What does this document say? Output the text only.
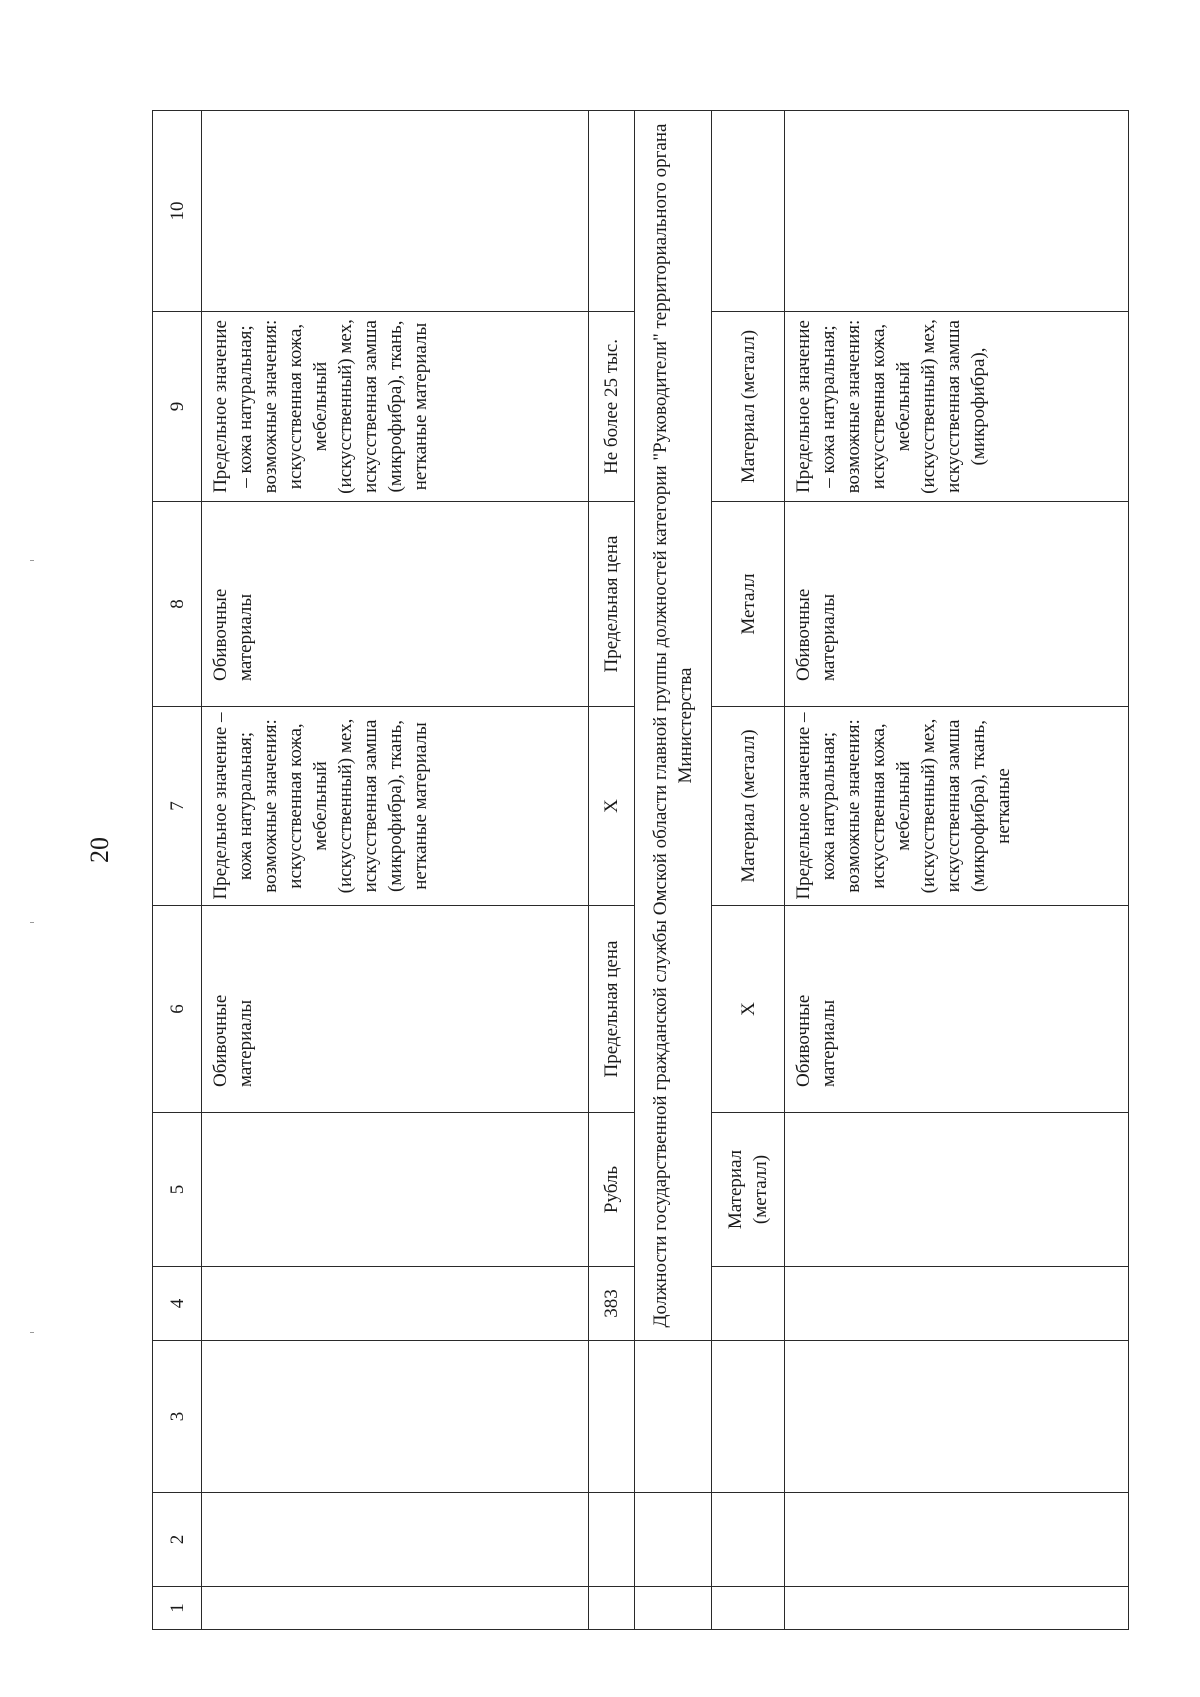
20
1	2	3	4	5	6	7	8	9	10
					Обивочные материалы	Предельное значение – кожа натуральная; возможные значения: искусственная кожа, мебельный (искусственный) мех, искусственная замша (микрофибра), ткань, нетканые материалы	Обивочные материалы	Предельное значение – кожа натуральная; возможные значения: искусственная кожа, мебельный (искусственный) мех, искусственная замша (микрофибра), ткань, нетканые материалы	
			383	Рубль	Предельная цена	Х	Предельная цена	Не более 25 тыс.	
			Должности государственной гражданской службы Омской области главной группы должностей категории "Руководители" территориального органа Министерства						
				Материал (металл)	Х	Материал (металл)	Металл	Материал (металл)	
					Обивочные материалы	Предельное значение – кожа натуральная; возможные значения: искусственная кожа, мебельный (искусственный) мех, искусственная замша (микрофибра), ткань, нетканые	Обивочные материалы	Предельное значение – кожа натуральная; возможные значения: искусственная кожа, мебельный (искусственный) мех, искусственная замша (микрофибра),	
